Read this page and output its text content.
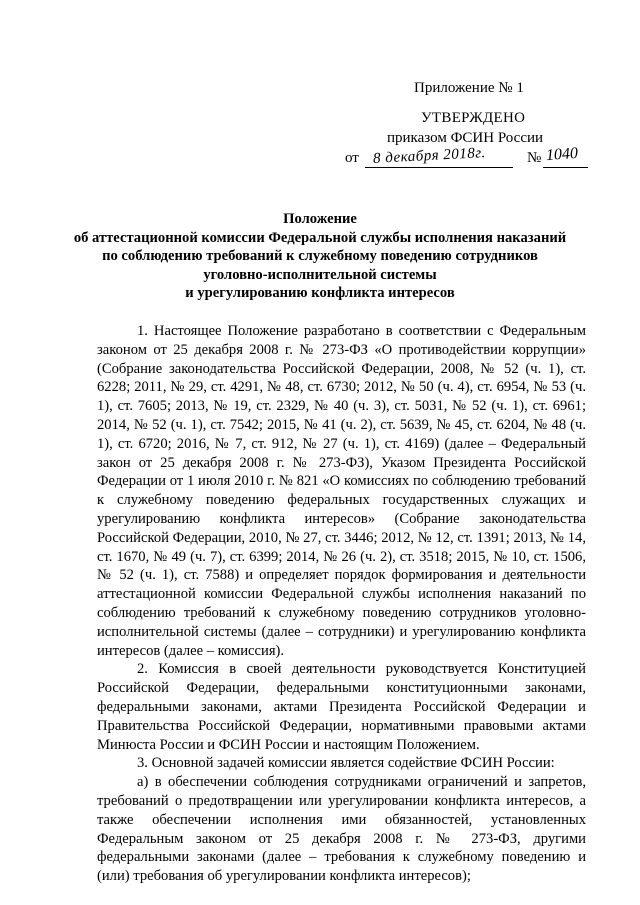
Приложение № 1
УТВЕРЖДЕНО
приказом ФСИН России
от 8 декабря 2018г.	№ 1040
Положение
об аттестационной комиссии Федеральной службы исполнения наказаний
по соблюдению требований к служебному поведению сотрудников
уголовно-исполнительной системы
и урегулированию конфликта интересов

1. Настоящее Положение разработано в соответствии с Федеральным законом от 25 декабря 2008 г. № 273-ФЗ «О противодействии коррупции» (Собрание законодательства Российской Федерации, 2008, № 52 (ч. 1), ст. 6228; 2011, № 29, ст. 4291, № 48, ст. 6730; 2012, № 50 (ч. 4), ст. 6954, № 53 (ч. 1), ст. 7605; 2013, № 19, ст. 2329, № 40 (ч. 3), ст. 5031, № 52 (ч. 1), ст. 6961; 2014, № 52 (ч. 1), ст. 7542; 2015, № 41 (ч. 2), ст. 5639, № 45, ст. 6204, № 48 (ч. 1), ст. 6720; 2016, № 7, ст. 912, № 27 (ч. 1), ст. 4169) (далее – Федеральный закон от 25 декабря 2008 г. № 273-ФЗ), Указом Президента Российской Федерации от 1 июля 2010 г. № 821 «О комиссиях по соблюдению требований к служебному поведению федеральных государственных служащих и урегулированию конфликта интересов» (Собрание законодательства Российской Федерации, 2010, № 27, ст. 3446; 2012, № 12, ст. 1391; 2013, № 14, ст. 1670, № 49 (ч. 7), ст. 6399; 2014, № 26 (ч. 2), ст. 3518; 2015, № 10, ст. 1506, № 52 (ч. 1), ст. 7588) и определяет порядок формирования и деятельности аттестационной комиссии Федеральной службы исполнения наказаний по соблюдению требований к служебному поведению сотрудников уголовно-исполнительной системы (далее – сотрудники) и урегулированию конфликта интересов (далее – комиссия).

2. Комиссия в своей деятельности руководствуется Конституцией Российской Федерации, федеральными конституционными законами, федеральными законами, актами Президента Российской Федерации и Правительства Российской Федерации, нормативными правовыми актами Минюста России и ФСИН России и настоящим Положением.

3. Основной задачей комиссии является содействие ФСИН России:

а) в обеспечении соблюдения сотрудниками ограничений и запретов, требований о предотвращении или урегулировании конфликта интересов, а также обеспечении исполнения ими обязанностей, установленных Федеральным законом от 25 декабря 2008 г. № 273-ФЗ, другими федеральными законами (далее – требования к служебному поведению и (или) требования об урегулировании конфликта интересов);
